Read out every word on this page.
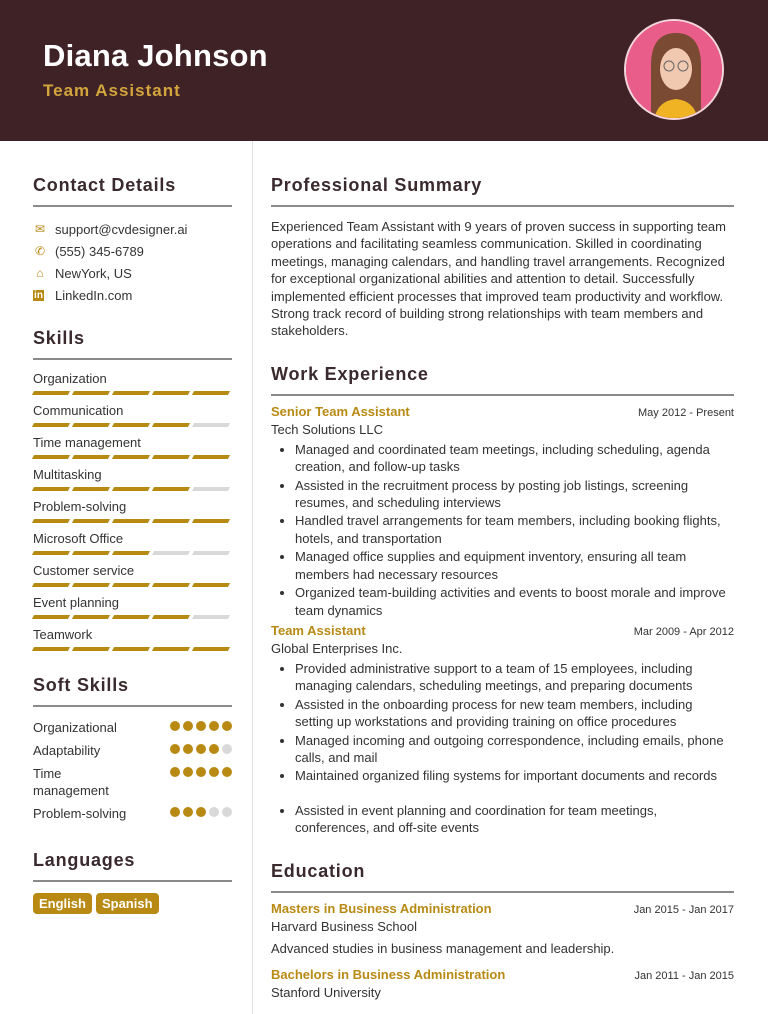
Diana Johnson
Team Assistant
Contact Details
✉ support@cvdesigner.ai
✆ (555) 345-6789
⌂ NewYork, US
in LinkedIn.com
Skills
Organization
Communication
Time management
Multitasking
Problem-solving
Microsoft Office
Customer service
Event planning
Teamwork
Soft Skills
Organizational
Adaptability
Time management
Problem-solving
Languages
English Spanish
Professional Summary

Experienced Team Assistant with 9 years of proven success in supporting team operations and facilitating seamless communication. Skilled in coordinating meetings, managing calendars, and handling travel arrangements. Recognized for exceptional organizational abilities and attention to detail. Successfully implemented efficient processes that improved team productivity and workflow. Strong track record of building strong relationships with team members and stakeholders.

Work Experience
Senior Team Assistant	May 2012 - Present
Tech Solutions LLC
• Managed and coordinated team meetings, including scheduling, agenda creation, and follow-up tasks
• Assisted in the recruitment process by posting job listings, screening resumes, and scheduling interviews
• Handled travel arrangements for team members, including booking flights, hotels, and transportation
• Managed office supplies and equipment inventory, ensuring all team members had necessary resources
• Organized team-building activities and events to boost morale and improve team dynamics
Team Assistant	Mar 2009 - Apr 2012
Global Enterprises Inc.
• Provided administrative support to a team of 15 employees, including managing calendars, scheduling meetings, and preparing documents
• Assisted in the onboarding process for new team members, including setting up workstations and providing training on office procedures
• Managed incoming and outgoing correspondence, including emails, phone calls, and mail
• Maintained organized filing systems for important documents and records
• Assisted in event planning and coordination for team meetings, conferences, and off-site events
Education
Masters in Business Administration	Jan 2015 - Jan 2017
Harvard Business School
Advanced studies in business management and leadership.
Bachelors in Business Administration	Jan 2011 - Jan 2015
Stanford University
